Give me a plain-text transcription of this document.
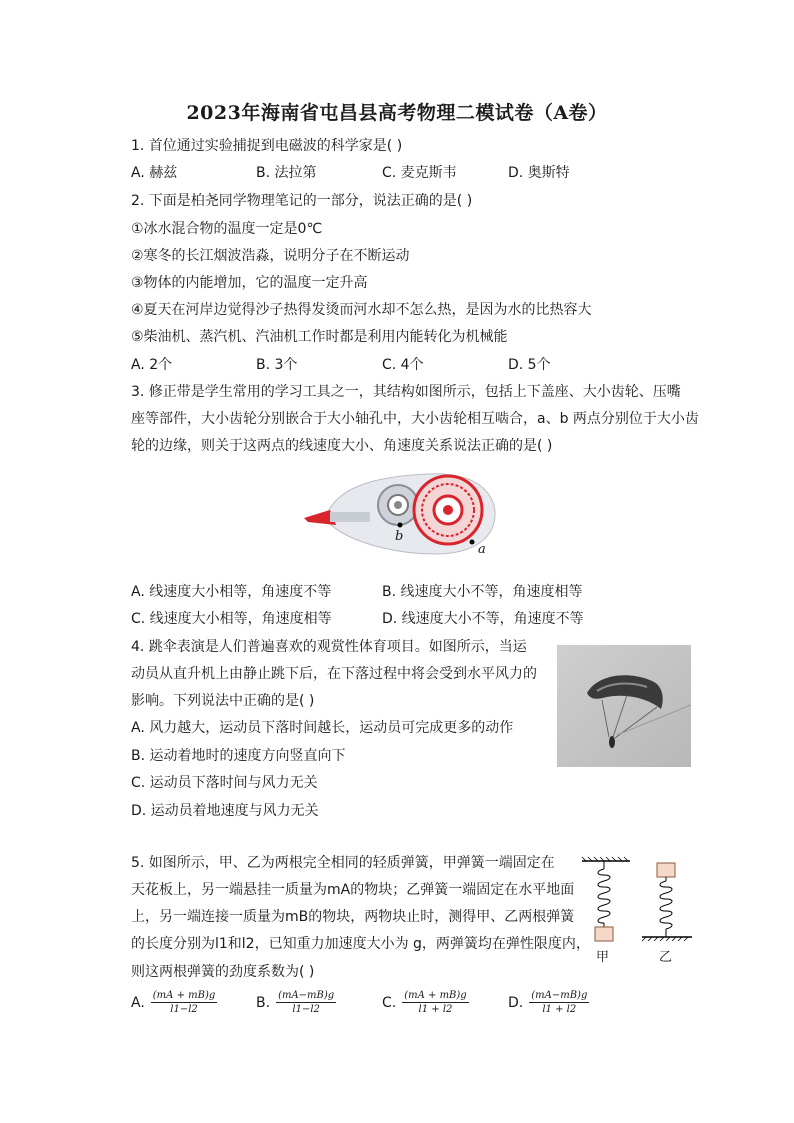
2023年海南省屯昌县高考物理二模试卷（A卷）
1. 首位通过实验捕捉到电磁波的科学家是( )
A. 赫兹	B. 法拉第	C. 麦克斯韦	D. 奥斯特
2. 下面是柏尧同学物理笔记的一部分，说法正确的是( )
①冰水混合物的温度一定是0℃
②寒冬的长江烟波浩淼，说明分子在不断运动
③物体的内能增加，它的温度一定升高
④夏天在河岸边觉得沙子热得发烫而河水却不怎么热，是因为水的比热容大
⑤柴油机、蒸汽机、汽油机工作时都是利用内能转化为机械能
A. 2个	B. 3个	C. 4个	D. 5个
3. 修正带是学生常用的学习工具之一，其结构如图所示，包括上下盖座、大小齿轮、压嘴
座等部件，大小齿轮分别嵌合于大小轴孔中，大小齿轮相互啮合，a、b 两点分别位于大小齿
轮的边缘，则关于这两点的线速度大小、角速度关系说法正确的是( )
b
a
A. 线速度大小相等，角速度不等	B. 线速度大小不等，角速度相等
C. 线速度大小相等，角速度相等	D. 线速度大小不等，角速度不等
4. 跳伞表演是人们普遍喜欢的观赏性体育项目。如图所示，当运
动员从直升机上由静止跳下后，在下落过程中将会受到水平风力的
影响。下列说法中正确的是( )
A. 风力越大，运动员下落时间越长，运动员可完成更多的动作
B. 运动着地时的速度方向竖直向下
C. 运动员下落时间与风力无关
D. 运动员着地速度与风力无关
5. 如图所示，甲、乙为两根完全相同的轻质弹簧，甲弹簧一端固定在
天花板上，另一端悬挂一质量为mA的物块；乙弹簧一端固定在水平地面
上，另一端连接一质量为mB的物块，两物块止时，测得甲、乙两根弹簧
的长度分别为l1和l2，已知重力加速度大小为 g，两弹簧均在弹性限度内，
则这两根弹簧的劲度系数为( )
甲	乙
A. $\frac{(mA + mB)g}{l1-l2}$	B. $\frac{(mA-mB)g}{l1-l2}$	C. $\frac{(mA + mB)g}{l1 + l2}$	D. $\frac{(mA-mB)g}{l1 + l2}$
